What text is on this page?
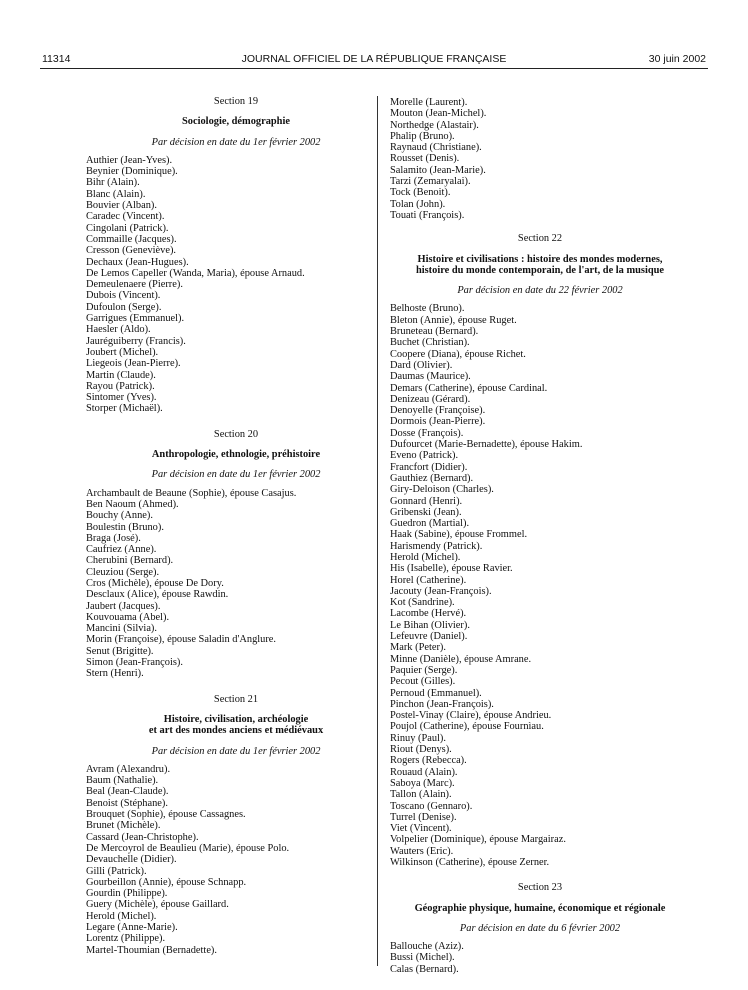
11314	JOURNAL OFFICIEL DE LA RÉPUBLIQUE FRANÇAISE	30 juin 2002
Section 19
Sociologie, démographie
Par décision en date du 1er février 2002
Authier (Jean-Yves).
Beynier (Dominique).
Bihr (Alain).
Blanc (Alain).
Bouvier (Alban).
Caradec (Vincent).
Cingolani (Patrick).
Commaille (Jacques).
Cresson (Geneviève).
Dechaux (Jean-Hugues).
De Lemos Capeller (Wanda, Maria), épouse Arnaud.
Demeulenaere (Pierre).
Dubois (Vincent).
Dufoulon (Serge).
Garrigues (Emmanuel).
Haesler (Aldo).
Jauréguiberry (Francis).
Joubert (Michel).
Liegeois (Jean-Pierre).
Martin (Claude).
Rayou (Patrick).
Sintomer (Yves).
Storper (Michaël).
Section 20
Anthropologie, ethnologie, préhistoire
Par décision en date du 1er février 2002
Archambault de Beaune (Sophie), épouse Casajus.
Ben Naoum (Ahmed).
Bouchy (Anne).
Boulestin (Bruno).
Braga (José).
Caufriez (Anne).
Cherubini (Bernard).
Cleuziou (Serge).
Cros (Michèle), épouse De Dory.
Desclaux (Alice), épouse Rawdin.
Jaubert (Jacques).
Kouvouama (Abel).
Mancini (Silvia).
Morin (Françoise), épouse Saladin d'Anglure.
Senut (Brigitte).
Simon (Jean-François).
Stern (Henri).
Section 21
Histoire, civilisation, archéologie
et art des mondes anciens et médiévaux
Par décision en date du 1er février 2002
Avram (Alexandru).
Baum (Nathalie).
Beal (Jean-Claude).
Benoist (Stéphane).
Brouquet (Sophie), épouse Cassagnes.
Brunet (Michèle).
Cassard (Jean-Christophe).
De Mercoyrol de Beaulieu (Marie), épouse Polo.
Devauchelle (Didier).
Gilli (Patrick).
Gourbeillon (Annie), épouse Schnapp.
Gourdin (Philippe).
Guery (Michèle), épouse Gaillard.
Herold (Michel).
Legare (Anne-Marie).
Lorentz (Philippe).
Martel-Thoumian (Bernadette).
Morelle (Laurent).
Mouton (Jean-Michel).
Northedge (Alastair).
Phalip (Bruno).
Raynaud (Christiane).
Rousset (Denis).
Salamito (Jean-Marie).
Tarzi (Zemaryalai).
Tock (Benoit).
Tolan (John).
Touati (François).
Section 22
Histoire et civilisations : histoire des mondes modernes,
histoire du monde contemporain, de l'art, de la musique
Par décision en date du 22 février 2002
Belhoste (Bruno).
Bleton (Annie), épouse Ruget.
Bruneteau (Bernard).
Buchet (Christian).
Coopere (Diana), épouse Richet.
Dard (Olivier).
Daumas (Maurice).
Demars (Catherine), épouse Cardinal.
Denizeau (Gérard).
Denoyelle (Françoise).
Dormois (Jean-Pierre).
Dosse (François).
Dufourcet (Marie-Bernadette), épouse Hakim.
Eveno (Patrick).
Francfort (Didier).
Gauthiez (Bernard).
Giry-Deloison (Charles).
Gonnard (Henri).
Gribenski (Jean).
Guedron (Martial).
Haak (Sabine), épouse Frommel.
Harismendy (Patrick).
Herold (Michel).
His (Isabelle), épouse Ravier.
Horel (Catherine).
Jacouty (Jean-François).
Kot (Sandrine).
Lacombe (Hervé).
Le Bihan (Olivier).
Lefeuvre (Daniel).
Mark (Peter).
Minne (Danièle), épouse Amrane.
Paquier (Serge).
Pecout (Gilles).
Pernoud (Emmanuel).
Pinchon (Jean-François).
Postel-Vinay (Claire), épouse Andrieu.
Poujol (Catherine), épouse Fournìau.
Rinuy (Paul).
Riout (Denys).
Rogers (Rebecca).
Rouaud (Alain).
Saboya (Marc).
Tallon (Alain).
Toscano (Gennaro).
Turrel (Denise).
Viet (Vincent).
Volpelier (Dominique), épouse Margairaz.
Wauters (Eric).
Wilkinson (Catherine), épouse Zerner.
Section 23
Géographie physique, humaine, économique et régionale
Par décision en date du 6 février 2002
Ballouche (Aziz).
Bussi (Michel).
Calas (Bernard).
